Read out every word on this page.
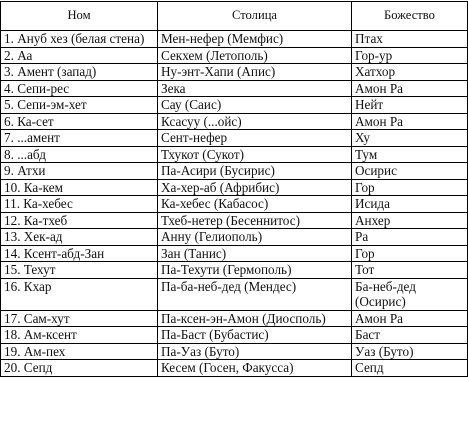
Ном	Столица	Божество
1. Ануб хез (белая стена)	Мен-нефер (Мемфис)	Птах
2. Аа	Секхем (Летополь)	Гор-ур
3. Амент (запад)	Ну-энт-Хапи (Апис)	Хатхор
4. Сепи-рес	Зека	Амон Ра
5. Сепи-эм-хет	Сау (Саис)	Нейт
6. Ка-сет	Ксасуу (...ойс)	Амон Ра
7. ...амент	Сент-нефер	Ху
8. ...абд	Тхукот (Сукот)	Тум
9. Атхи	Па-Асири (Бусирис)	Осирис
10. Ка-кем	Ха-хер-аб (Африбис)	Гор
11. Ка-хебес	Ка-хебес (Кабасос)	Исида
12. Ка-тхеб	Тхеб-нетер (Бесеннитос)	Анхер
13. Хек-ад	Анну (Гелиополь)	Ра
14. Ксент-абд-Зан	Зан (Танис)	Гор
15. Техут	Па-Техути (Гермополь)	Тот
16. Кхар	Па-ба-неб-дед (Мендес)	Ба-неб-дед (Осирис)
17. Сам-хут	Па-ксен-эн-Амон (Диосполь)	Амон Ра
18. Ам-ксент	Па-Баст (Бубастис)	Баст
19. Ам-пех	Па-Уаз (Буто)	Уаз (Буто)
20. Сепд	Кесем (Госен, Факусса)	Сепд
